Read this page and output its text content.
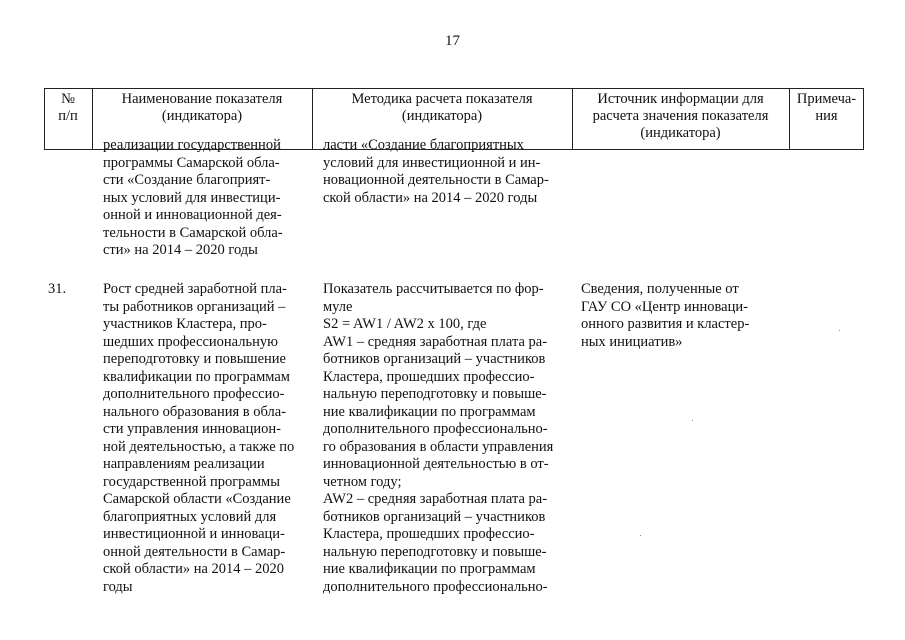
17
№
п/п
Наименование показателя
(индикатора)
Методика расчета показателя
(индикатора)
Источник информации для
расчета значения показателя
(индикатора)
Примеча-
ния
реализации государственной
программы Самарской обла-
сти «Создание благоприят-
ных условий для инвестици-
онной и инновационной дея-
тельности в Самарской обла-
сти» на 2014 – 2020 годы
ласти «Создание благоприятных
условий для инвестиционной и ин-
новационной деятельности в Самар-
ской области» на 2014 – 2020 годы
31.	Рост средней заработной пла-
ты работников организаций –
участников Кластера, про-
шедших профессиональную
переподготовку и повышение
квалификации по программам
дополнительного профессио-
нального образования в обла-
сти управления инновацион-
ной деятельностью, а также по
направлениям реализации
государственной программы
Самарской области «Создание
благоприятных условий для
инвестиционной и инноваци-
онной деятельности в Самар-
ской области» на 2014 – 2020
годы
Показатель рассчитывается по фор-
муле
S2 = AW1 / AW2 x 100, где
AW1 – средняя заработная плата ра-
ботников организаций – участников
Кластера, прошедших профессио-
нальную переподготовку и повыше-
ние квалификации по программам
дополнительного профессионально-
го образования в области управления
инновационной деятельностью в от-
четном году;
AW2 – средняя заработная плата ра-
ботников организаций – участников
Кластера, прошедших профессио-
нальную переподготовку и повыше-
ние квалификации по программам
дополнительного профессионально-
Сведения, полученные от
ГАУ СО «Центр инноваци-
онного развития и кластер-
ных инициатив»
